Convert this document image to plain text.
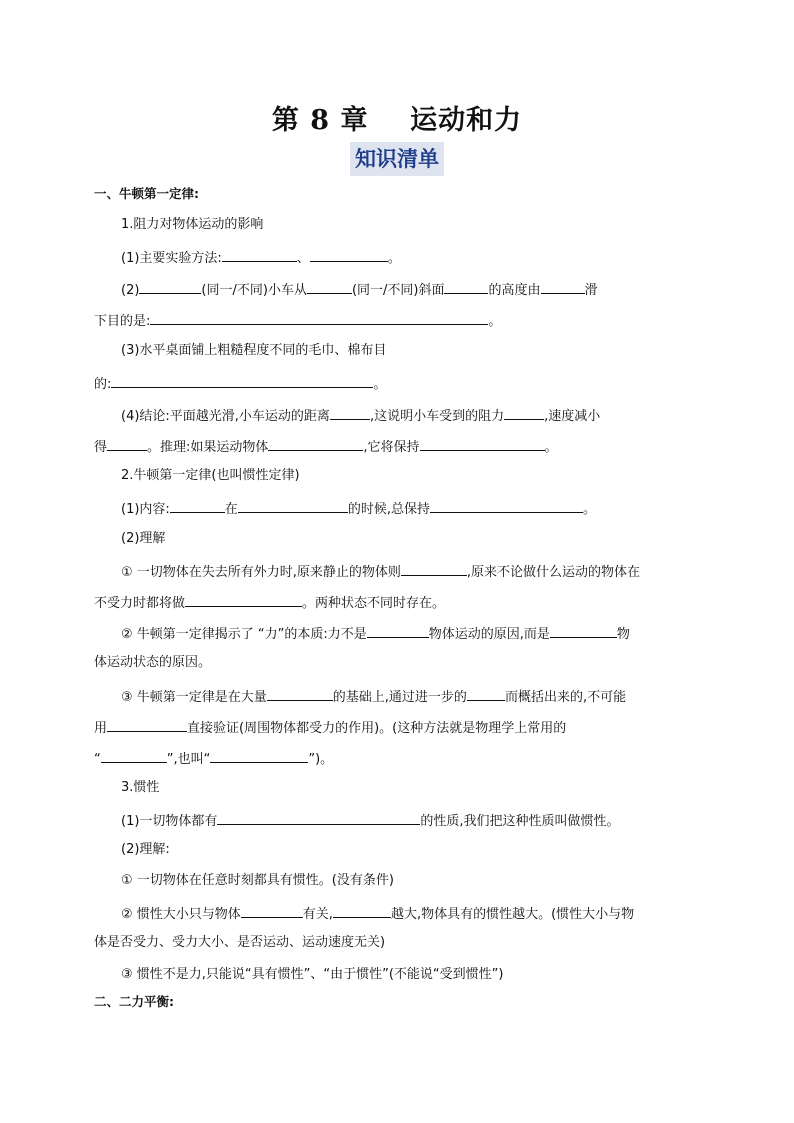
第 8 章    运动和力
知识清单
一、牛顿第一定律:
1.阻力对物体运动的影响
(1)主要实验方法:	、	。
(2)	(同一/不同)小车从	(同一/不同)斜面	的高度由	滑
下目的是:	。
(3)水平桌面铺上粗糙程度不同的毛巾、棉布目
的:	。
(4)结论:平面越光滑,小车运动的距离	,这说明小车受到的阻力	,速度减小
得	。推理:如果运动物体	,它将保持	。
2.牛顿第一定律(也叫惯性定律)
(1)内容:	在	的时候,总保持	。
(2)理解
① 一切物体在失去所有外力时,原来静止的物体则	,原来不论做什么运动的物体在
不受力时都将做	。两种状态不同时存在。
② 牛顿第一定律揭示了 “力”的本质:力不是	物体运动的原因,而是	物
体运动状态的原因。
③ 牛顿第一定律是在大量	的基础上,通过进一步的	而概括出来的,不可能
用	直接验证(周围物体都受力的作用)。(这种方法就是物理学上常用的
“	”,也叫“	”)。
3.惯性
(1)一切物体都有	的性质,我们把这种性质叫做惯性。
(2)理解:
① 一切物体在任意时刻都具有惯性。(没有条件)
② 惯性大小只与物体	有关,	越大,物体具有的惯性越大。(惯性大小与物
体是否受力、受力大小、是否运动、运动速度无关)
③ 惯性不是力,只能说“具有惯性”、“由于惯性”(不能说“受到惯性”)
二、二力平衡:
